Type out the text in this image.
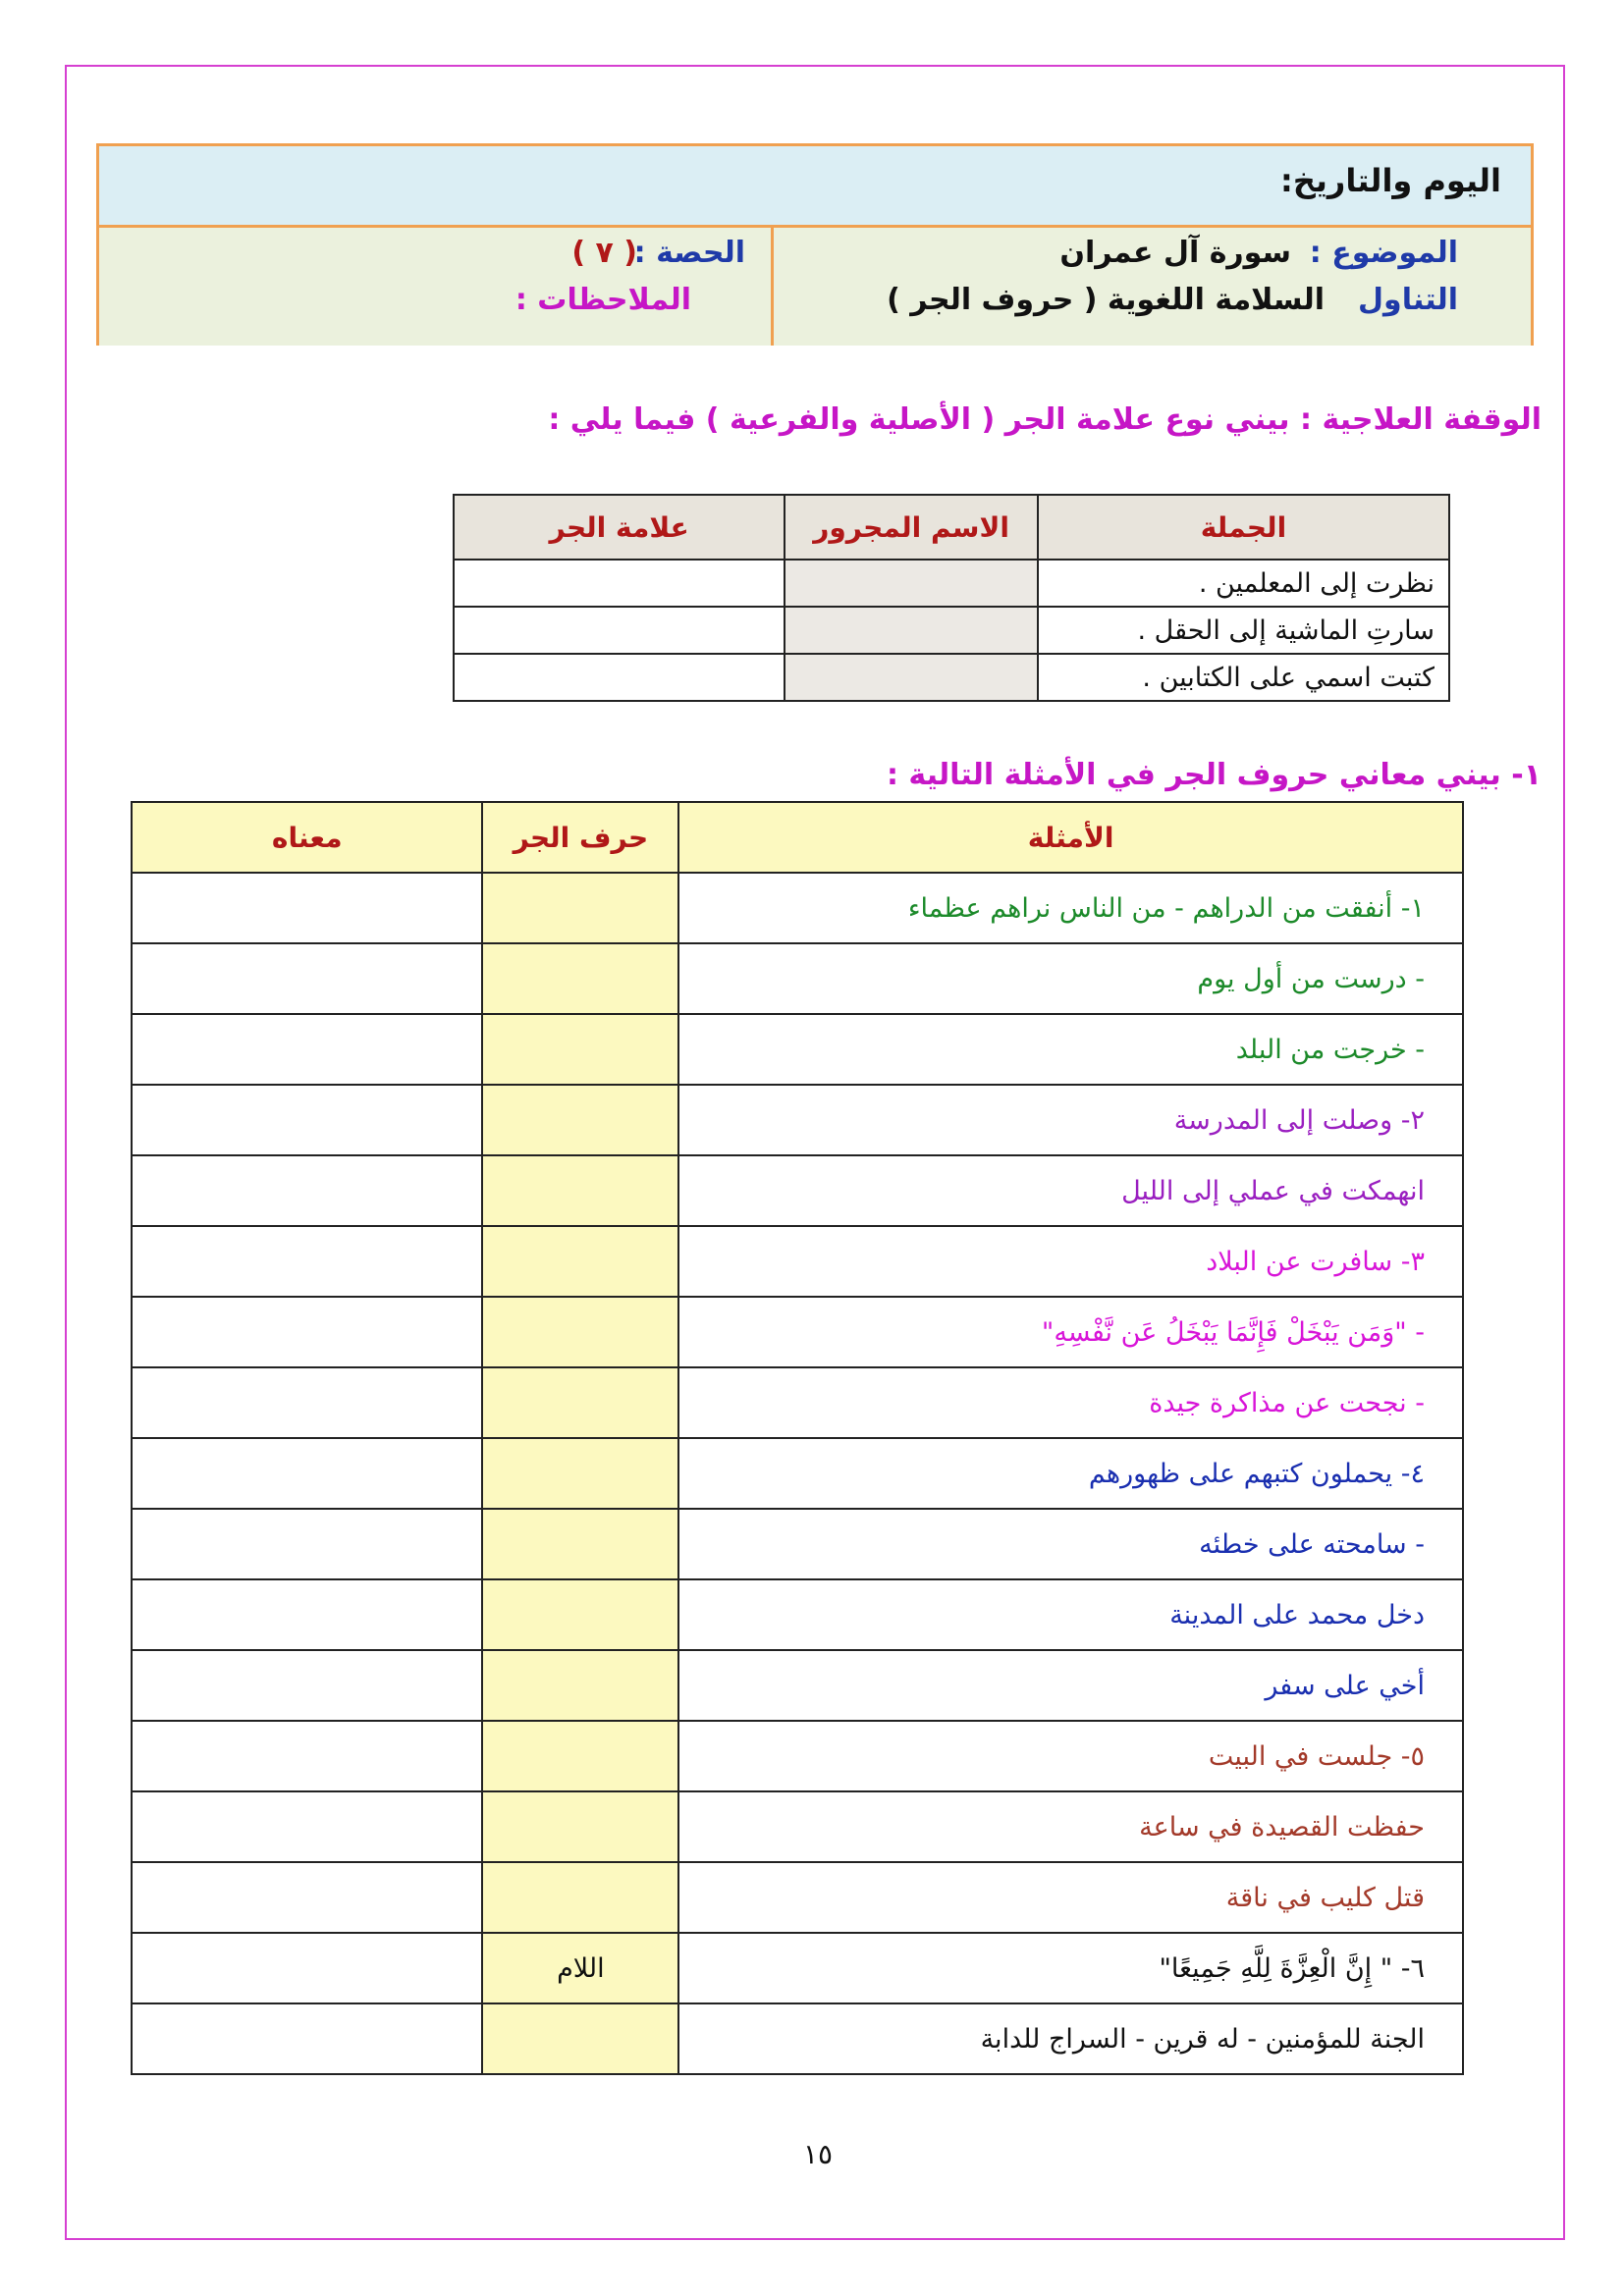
اليوم والتاريخ:
الموضوع :
سورة آل عمران
التناول
السلامة اللغوية ( حروف الجر )
الحصة :
( ٧ )
الملاحظات :
الوقفة العلاجية : بيني نوع علامة الجر ( الأصلية والفرعية ) فيما يلي :
الجملة	الاسم المجرور	علامة الجر
نظرت إلى المعلمين .		
سارتِ الماشية إلى الحقل .		
كتبت اسمي على الكتابين .		
١- بيني معاني حروف الجر في الأمثلة التالية :
الأمثلة	حرف الجر	معناه
١- أنفقت من الدراهم - من الناس نراهم عظماء		
- درست من أول يوم		
- خرجت من البلد		
٢- وصلت إلى المدرسة		
انهمكت في عملي إلى الليل		
٣- سافرت عن البلاد		
- "وَمَن يَبْخَلْ فَإِنَّمَا يَبْخَلُ عَن نَّفْسِهِ"		
- نجحت عن مذاكرة جيدة		
٤- يحملون كتبهم على ظهورهم		
- سامحته على خطئه		
دخل محمد على المدينة		
أخي على سفر		
٥- جلست في البيت		
حفظت القصيدة في ساعة		
قتل كليب في ناقة		
٦- " إِنَّ الْعِزَّةَ لِلَّهِ جَمِيعًا"	اللام	
الجنة للمؤمنين - له قرين - السراج للدابة		
١٥
